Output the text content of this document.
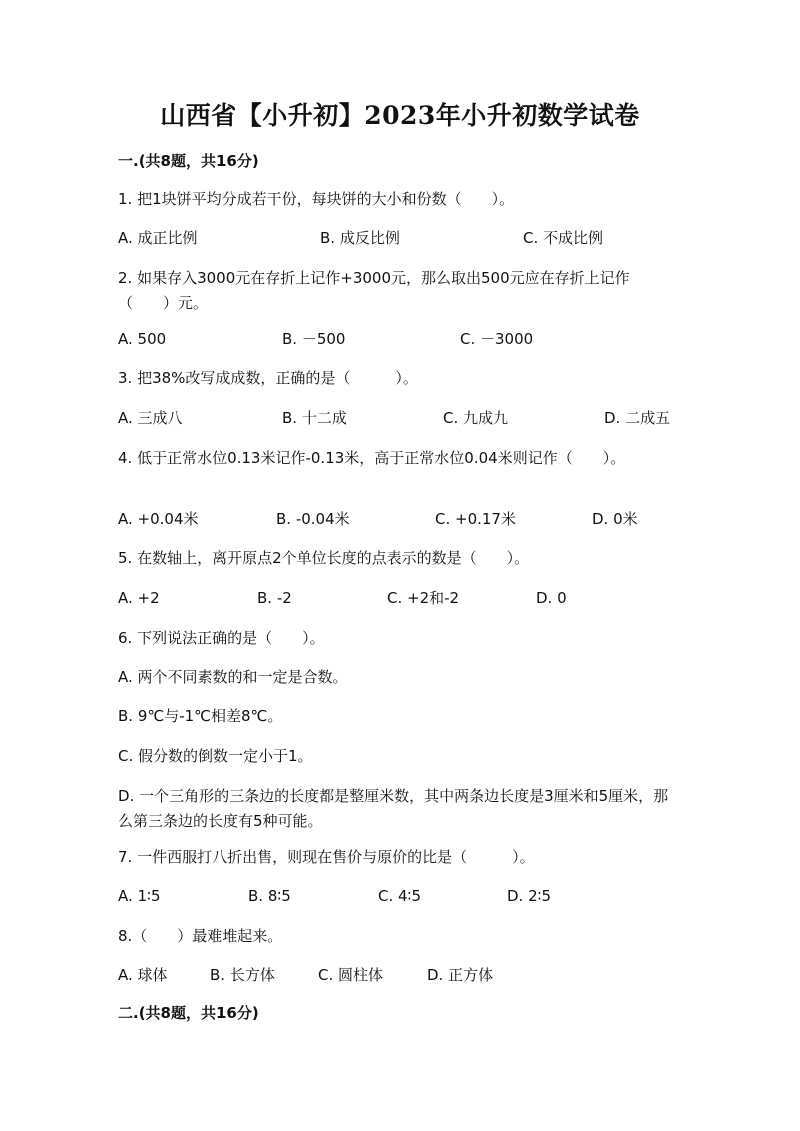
山西省【小升初】2023年小升初数学试卷
一.(共8题，共16分)
1. 把1块饼平均分成若干份，每块饼的大小和份数（　　）。
A. 成正比例	B. 成反比例	C. 不成比例
2. 如果存入3000元在存折上记作+3000元，那么取出500元应在存折上记作（　　）元。
A. 500	B. －500	C. －3000
3. 把38%改写成成数，正确的是（　　　）。
A. 三成八	B. 十二成	C. 九成九	D. 二成五
4. 低于正常水位0.13米记作-0.13米，高于正常水位0.04米则记作（　　）。
A. +0.04米	B. -0.04米	C. +0.17米	D. 0米
5. 在数轴上，离开原点2个单位长度的点表示的数是（　　）。
A. +2	B. -2	C. +2和-2	D. 0
6. 下列说法正确的是（　　）。
A. 两个不同素数的和一定是合数。
B. 9℃与-1℃相差8℃。
C. 假分数的倒数一定小于1。
D. 一个三角形的三条边的长度都是整厘米数，其中两条边长度是3厘米和5厘米，那么第三条边的长度有5种可能。
7. 一件西服打八折出售，则现在售价与原价的比是（　　　）。
A. 1∶5	B. 8∶5	C. 4∶5	D. 2∶5
8.（　　）最难堆起来。
A. 球体	B. 长方体	C. 圆柱体	D. 正方体
二.(共8题，共16分)
